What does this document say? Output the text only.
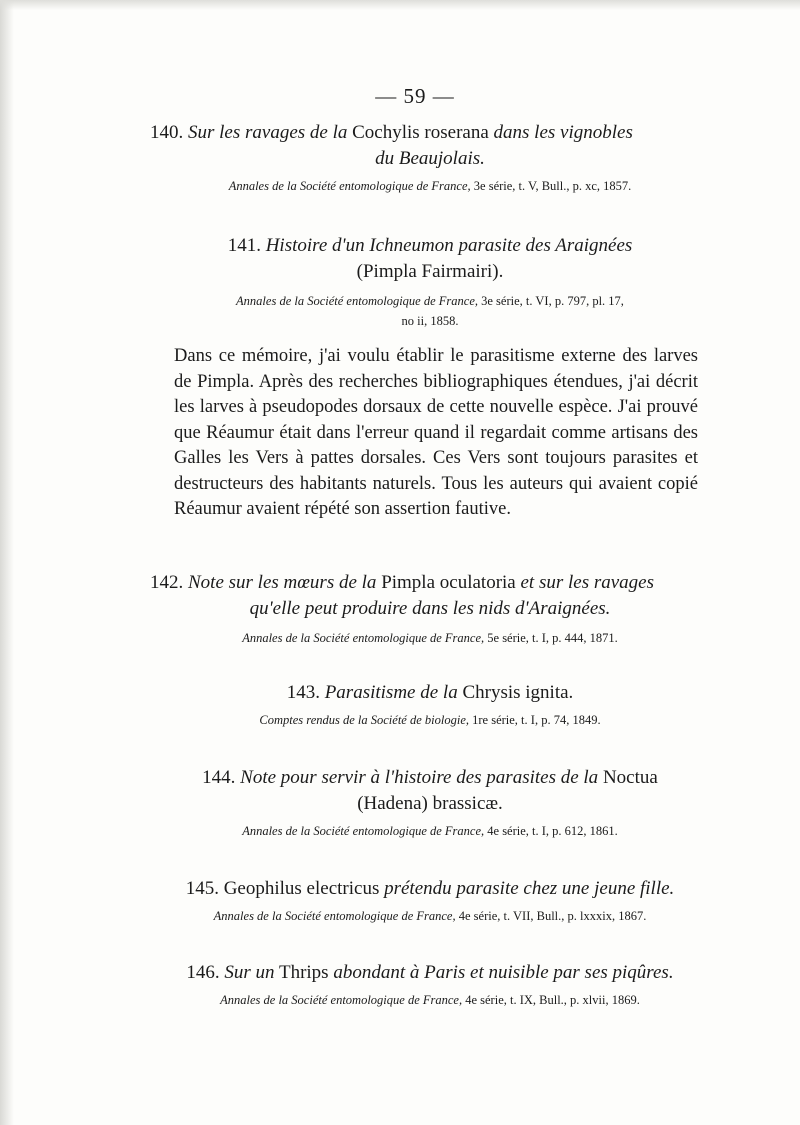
— 59 —
140. Sur les ravages de la Cochylis roserana dans les vignobles
du Beaujolais.
Annales de la Société entomologique de France, 3e série, t. V, Bull., p. xc, 1857.
141. Histoire d'un Ichneumon parasite des Araignées
(Pimpla Fairmairi).
Annales de la Société entomologique de France, 3e série, t. VI, p. 797, pl. 17,
no ii, 1858.

Dans ce mémoire, j'ai voulu établir le parasitisme externe des larves de Pimpla. Après des recherches bibliographiques étendues, j'ai décrit les larves à pseudopodes dorsaux de cette nouvelle espèce. J'ai prouvé que Réaumur était dans l'erreur quand il regardait comme artisans des Galles les Vers à pattes dorsales. Ces Vers sont toujours parasites et destructeurs des habitants naturels. Tous les auteurs qui avaient copié Réaumur avaient répété son assertion fautive.

142. Note sur les mœurs de la Pimpla oculatoria et sur les ravages
qu'elle peut produire dans les nids d'Araignées.
Annales de la Société entomologique de France, 5e série, t. I, p. 444, 1871.
143. Parasitisme de la Chrysis ignita.
Comptes rendus de la Société de biologie, 1re série, t. I, p. 74, 1849.
144. Note pour servir à l'histoire des parasites de la Noctua
(Hadena) brassicæ.
Annales de la Société entomologique de France, 4e série, t. I, p. 612, 1861.
145. Geophilus electricus prétendu parasite chez une jeune fille.
Annales de la Société entomologique de France, 4e série, t. VII, Bull., p. lxxxix, 1867.
146. Sur un Thrips abondant à Paris et nuisible par ses piqûres.
Annales de la Société entomologique de France, 4e série, t. IX, Bull., p. xlvii, 1869.
